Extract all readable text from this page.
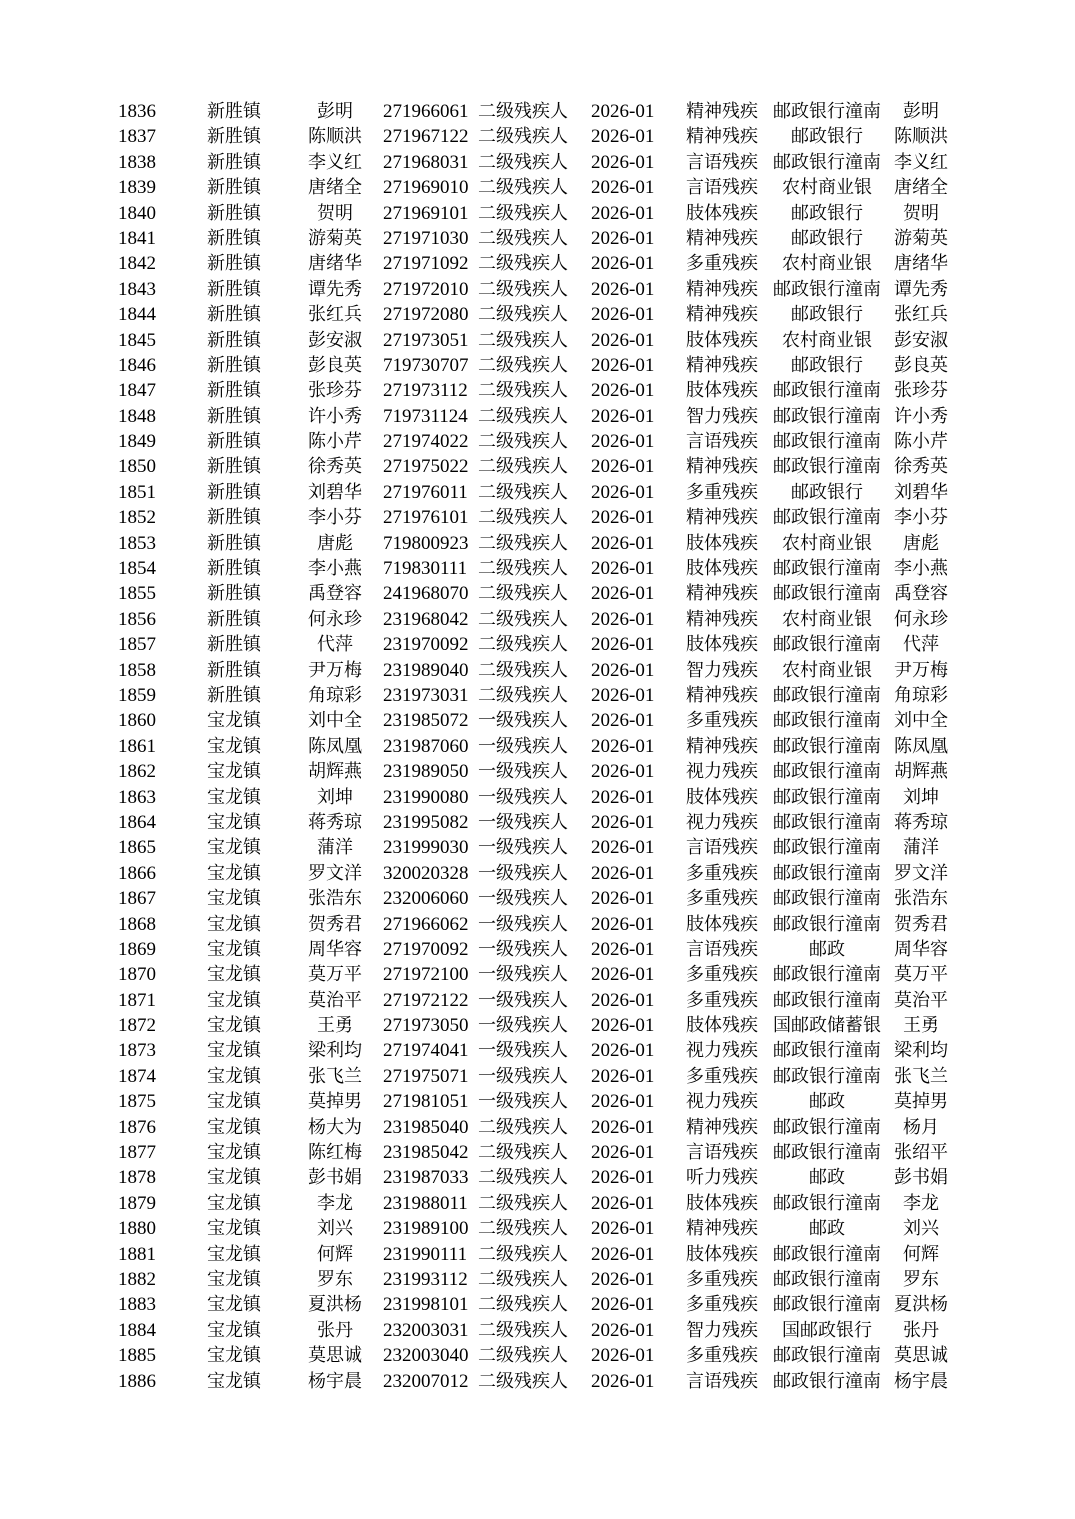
1836	新胜镇	彭明	271966061 二级残疾人	2026-01	精神残疾 邮政银行潼南	彭明
1837	新胜镇	陈顺洪	271967122 二级残疾人	2026-01	精神残疾	邮政银行	陈顺洪
1838	新胜镇	李义红	271968031 二级残疾人	2026-01	言语残疾 邮政银行潼南 李义红
1839	新胜镇	唐绪全	271969010 二级残疾人	2026-01	言语残疾	农村商业银	唐绪全
1840	新胜镇	贺明	271969101 二级残疾人	2026-01	肢体残疾	邮政银行	贺明
1841	新胜镇	游菊英	271971030 二级残疾人	2026-01	精神残疾	邮政银行	游菊英
1842	新胜镇	唐绪华	271971092 二级残疾人	2026-01	多重残疾	农村商业银	唐绪华
1843	新胜镇	谭先秀	271972010 二级残疾人	2026-01	精神残疾 邮政银行潼南 谭先秀
1844	新胜镇	张红兵	271972080 二级残疾人	2026-01	精神残疾	邮政银行	张红兵
1845	新胜镇	彭安淑	271973051 二级残疾人	2026-01	肢体残疾	农村商业银	彭安淑
1846	新胜镇	彭良英	719730707 二级残疾人	2026-01	精神残疾	邮政银行	彭良英
1847	新胜镇	张珍芬	271973112 二级残疾人	2026-01	肢体残疾 邮政银行潼南 张珍芬
1848	新胜镇	许小秀	719731124 二级残疾人	2026-01	智力残疾 邮政银行潼南 许小秀
1849	新胜镇	陈小芹	271974022 二级残疾人	2026-01	言语残疾 邮政银行潼南 陈小芹
1850	新胜镇	徐秀英	271975022 二级残疾人	2026-01	精神残疾 邮政银行潼南 徐秀英
1851	新胜镇	刘碧华	271976011 二级残疾人	2026-01	多重残疾	邮政银行	刘碧华
1852	新胜镇	李小芬	271976101 二级残疾人	2026-01	精神残疾 邮政银行潼南 李小芬
1853	新胜镇	唐彪	719800923 二级残疾人	2026-01	肢体残疾	农村商业银	唐彪
1854	新胜镇	李小燕	719830111 二级残疾人	2026-01	肢体残疾 邮政银行潼南 李小燕
1855	新胜镇	禹登容	241968070 二级残疾人	2026-01	精神残疾 邮政银行潼南 禹登容
1856	新胜镇	何永珍	231968042 二级残疾人	2026-01	精神残疾	农村商业银	何永珍
1857	新胜镇	代萍	231970092 二级残疾人	2026-01	肢体残疾 邮政银行潼南	代萍
1858	新胜镇	尹万梅	231989040 二级残疾人	2026-01	智力残疾	农村商业银	尹万梅
1859	新胜镇	角琼彩	231973031 二级残疾人	2026-01	精神残疾 邮政银行潼南 角琼彩
1860	宝龙镇	刘中全	231985072 一级残疾人	2026-01	多重残疾 邮政银行潼南 刘中全
1861	宝龙镇	陈凤凰	231987060 一级残疾人	2026-01	精神残疾 邮政银行潼南 陈凤凰
1862	宝龙镇	胡辉燕	231989050 一级残疾人	2026-01	视力残疾 邮政银行潼南 胡辉燕
1863	宝龙镇	刘坤	231990080 一级残疾人	2026-01	肢体残疾 邮政银行潼南	刘坤
1864	宝龙镇	蒋秀琼	231995082 一级残疾人	2026-01	视力残疾 邮政银行潼南 蒋秀琼
1865	宝龙镇	蒲洋	231999030 一级残疾人	2026-01	言语残疾 邮政银行潼南	蒲洋
1866	宝龙镇	罗文洋	320020328 一级残疾人	2026-01	多重残疾 邮政银行潼南 罗文洋
1867	宝龙镇	张浩东	232006060 一级残疾人	2026-01	多重残疾 邮政银行潼南 张浩东
1868	宝龙镇	贺秀君	271966062 一级残疾人	2026-01	肢体残疾 邮政银行潼南 贺秀君
1869	宝龙镇	周华容	271970092 一级残疾人	2026-01	言语残疾	邮政	周华容
1870	宝龙镇	莫万平	271972100 一级残疾人	2026-01	多重残疾 邮政银行潼南 莫万平
1871	宝龙镇	莫治平	271972122 一级残疾人	2026-01	多重残疾 邮政银行潼南 莫治平
1872	宝龙镇	王勇	271973050 一级残疾人	2026-01	肢体残疾 国邮政储蓄银	王勇
1873	宝龙镇	梁利均	271974041 一级残疾人	2026-01	视力残疾 邮政银行潼南 梁利均
1874	宝龙镇	张飞兰	271975071 一级残疾人	2026-01	多重残疾 邮政银行潼南 张飞兰
1875	宝龙镇	莫掉男	271981051 一级残疾人	2026-01	视力残疾	邮政	莫掉男
1876	宝龙镇	杨大为	231985040 二级残疾人	2026-01	精神残疾 邮政银行潼南	杨月
1877	宝龙镇	陈红梅	231985042 二级残疾人	2026-01	言语残疾 邮政银行潼南 张绍平
1878	宝龙镇	彭书娟	231987033 二级残疾人	2026-01	听力残疾	邮政	彭书娟
1879	宝龙镇	李龙	231988011 二级残疾人	2026-01	肢体残疾 邮政银行潼南	李龙
1880	宝龙镇	刘兴	231989100 二级残疾人	2026-01	精神残疾	邮政	刘兴
1881	宝龙镇	何辉	231990111 二级残疾人	2026-01	肢体残疾 邮政银行潼南	何辉
1882	宝龙镇	罗东	231993112 二级残疾人	2026-01	多重残疾 邮政银行潼南	罗东
1883	宝龙镇	夏洪杨	231998101 二级残疾人	2026-01	多重残疾 邮政银行潼南 夏洪杨
1884	宝龙镇	张丹	232003031 二级残疾人	2026-01	智力残疾	国邮政银行	张丹
1885	宝龙镇	莫思诚	232003040 二级残疾人	2026-01	多重残疾 邮政银行潼南 莫思诚
1886	宝龙镇	杨宇晨	232007012 二级残疾人	2026-01	言语残疾 邮政银行潼南 杨宇晨
